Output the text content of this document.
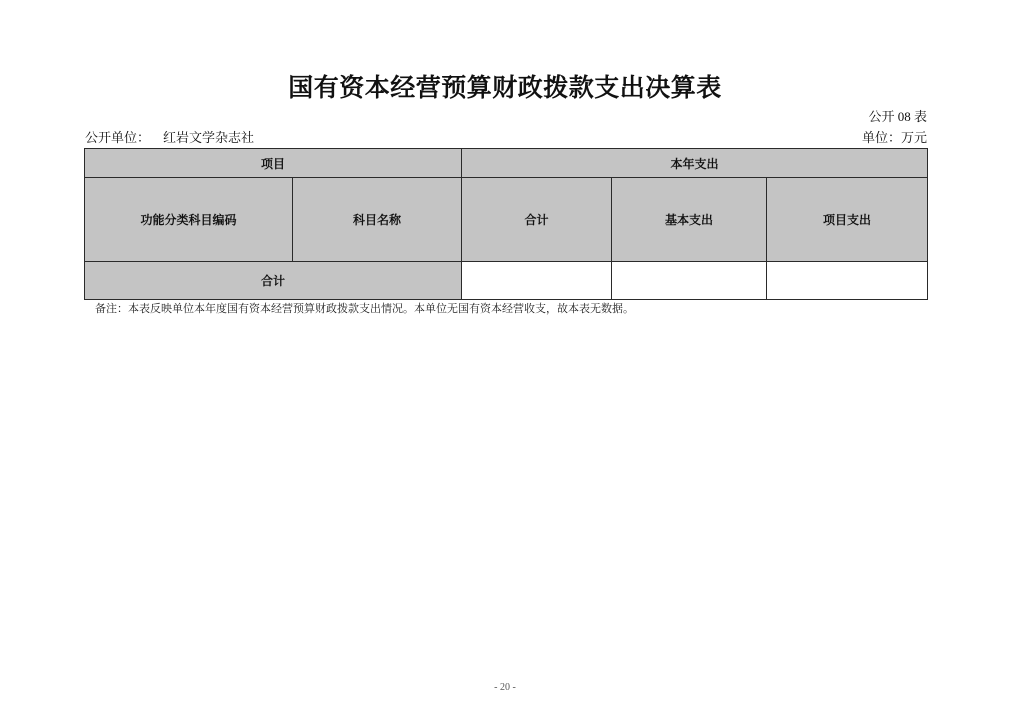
国有资本经营预算财政拨款支出决算表
公开 08 表
公开单位： 红岩文学杂志社	单位：万元
项目		本年支出		
功能分类科目编码	科目名称	合计	基本支出	项目支出
合计				
备注：本表反映单位本年度国有资本经营预算财政拨款支出情况。本单位无国有资本经营收支，故本表无数据。
- 20 -
